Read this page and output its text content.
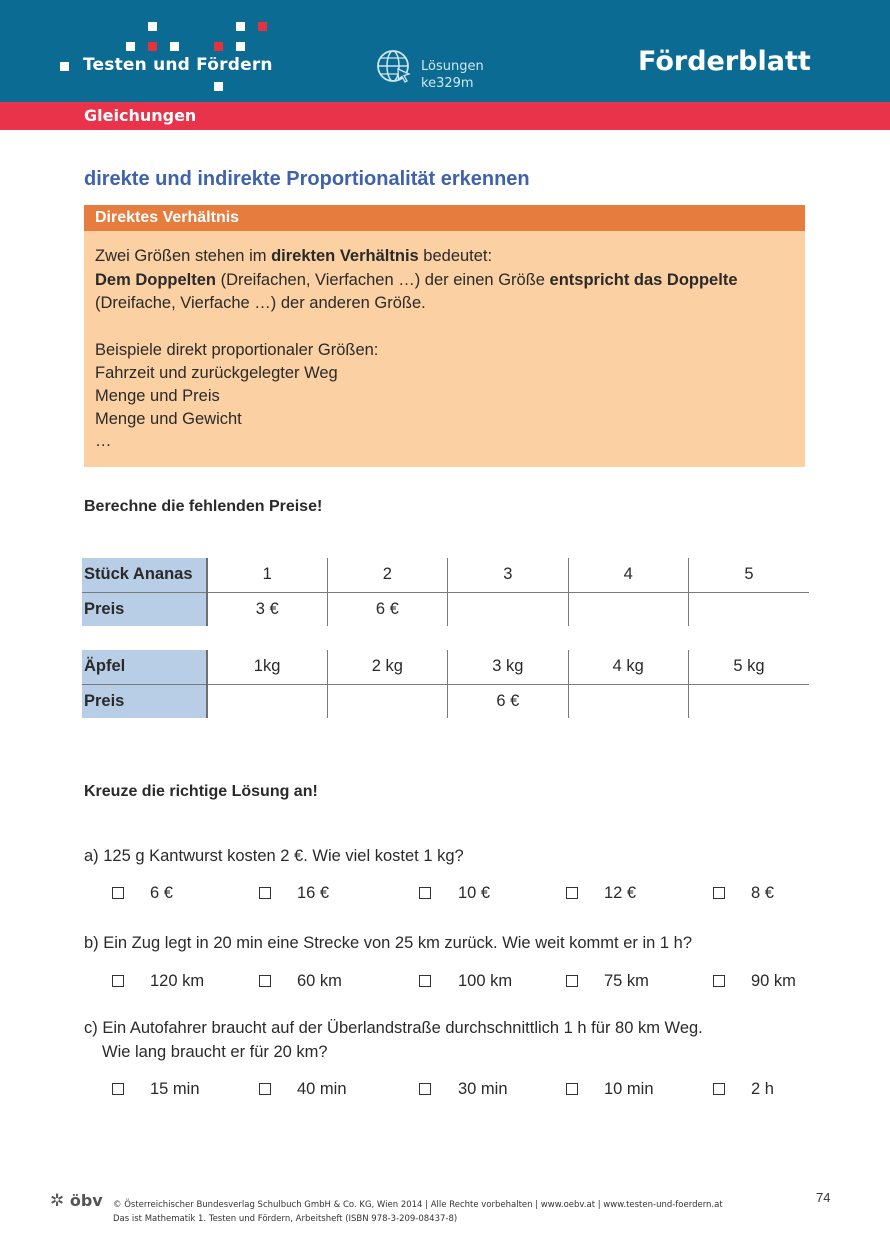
Testen und Fördern	Lösungen
ke329m
Förderblatt
Gleichungen
direkte und indirekte Proportionalität erkennen
Direktes Verhältnis
Zwei Größen stehen im direkten Verhältnis bedeutet:
Dem Doppelten (Dreifachen, Vierfachen …) der einen Größe entspricht das Doppelte
(Dreifache, Vierfache …) der anderen Größe.
Beispiele direkt proportionaler Größen:
Fahrzeit und zurückgelegter Weg
Menge und Preis
Menge und Gewicht
…
Berechne die fehlenden Preise!
Stück Ananas	1	2	3	4	5
Preis	3 €	6 €			
Äpfel	1kg	2 kg	3 kg	4 kg	5 kg
Preis			6 €		
Kreuze die richtige Lösung an!
a) 125 g Kantwurst kosten 2 €. Wie viel kostet 1 kg?
6 €	16 €	10 €	12 €	8 €
b) Ein Zug legt in 20 min eine Strecke von 25 km zurück. Wie weit kommt er in 1 h?
120 km	60 km	100 km	75 km	90 km
c) Ein Autofahrer braucht auf der Überlandstraße durchschnittlich 1 h für 80 km Weg.
Wie lang braucht er für 20 km?
15 min	40 min	30 min	10 min	2 h
✲ öbv © Österreichischer Bundesverlag Schulbuch GmbH & Co. KG, Wien 2014 | Alle Rechte vorbehalten | www.oebv.at | www.testen-und-foerdern.at
Das ist Mathematik 1. Testen und Fördern, Arbeitsheft (ISBN 978-3-209-08437-8)
74
